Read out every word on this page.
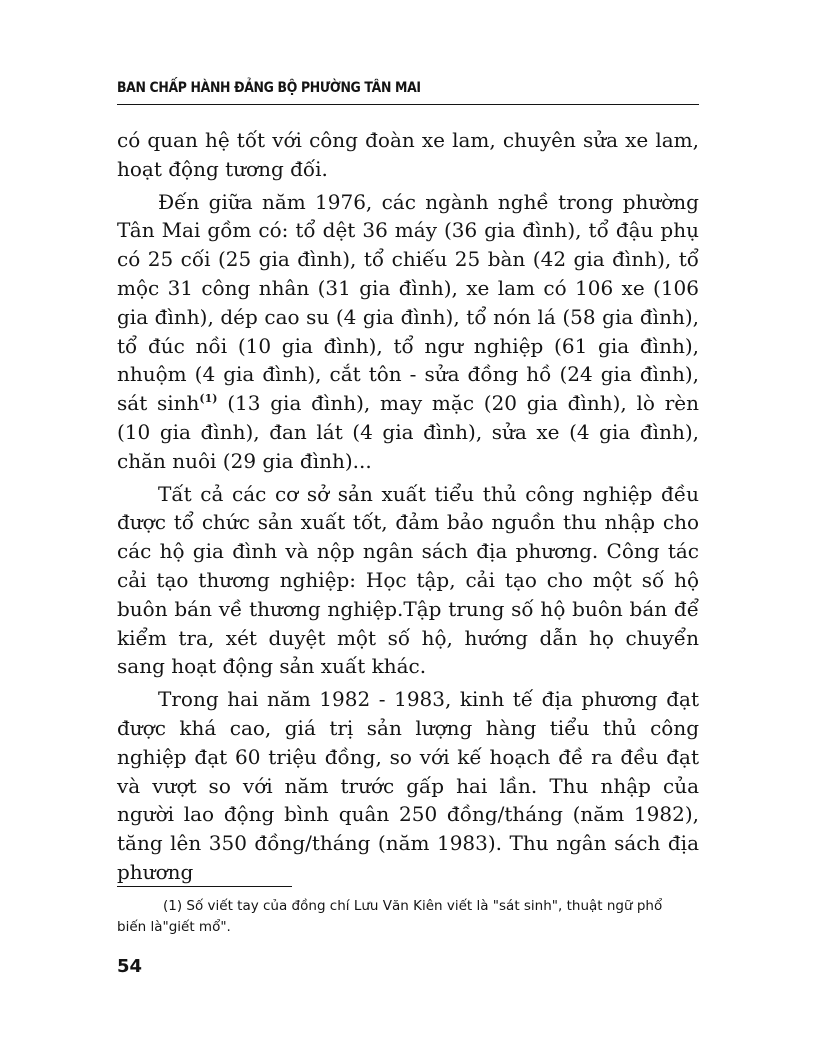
BAN CHẤP HÀNH ĐẢNG BỘ PHƯỜNG TÂN MAI

có quan hệ tốt với công đoàn xe lam, chuyên sửa xe lam, hoạt động tương đối.

Đến giữa năm 1976, các ngành nghề trong phường Tân Mai gồm có: tổ dệt 36 máy (36 gia đình), tổ đậu phụ có 25 cối (25 gia đình), tổ chiếu 25 bàn (42 gia đình), tổ mộc 31 công nhân (31 gia đình), xe lam có 106 xe (106 gia đình), dép cao su (4 gia đình), tổ nón lá (58 gia đình), tổ đúc nồi (10 gia đình), tổ ngư nghiệp (61 gia đình), nhuộm (4 gia đình), cắt tôn - sửa đồng hồ (24 gia đình), sát sinh$^{(1)}$ (13 gia đình), may mặc (20 gia đình), lò rèn (10 gia đình), đan lát (4 gia đình), sửa xe (4 gia đình), chăn nuôi (29 gia đình)...

Tất cả các cơ sở sản xuất tiểu thủ công nghiệp đều được tổ chức sản xuất tốt, đảm bảo nguồn thu nhập cho các hộ gia đình và nộp ngân sách địa phương. Công tác cải tạo thương nghiệp: Học tập, cải tạo cho một số hộ buôn bán về thương nghiệp.Tập trung số hộ buôn bán để kiểm tra, xét duyệt một số hộ, hướng dẫn họ chuyển sang hoạt động sản xuất khác.

Trong hai năm 1982 - 1983, kinh tế địa phương đạt được khá cao, giá trị sản lượng hàng tiểu thủ công nghiệp đạt 60 triệu đồng, so với kế hoạch đề ra đều đạt và vượt so với năm trước gấp hai lần. Thu nhập của người lao động bình quân 250 đồng/tháng (năm 1982), tăng lên 350 đồng/tháng (năm 1983). Thu ngân sách địa phương

(1) Số viết tay của đồng chí Lưu Văn Kiên viết là "sát sinh", thuật ngữ phổ biến là"giết mổ".

54
